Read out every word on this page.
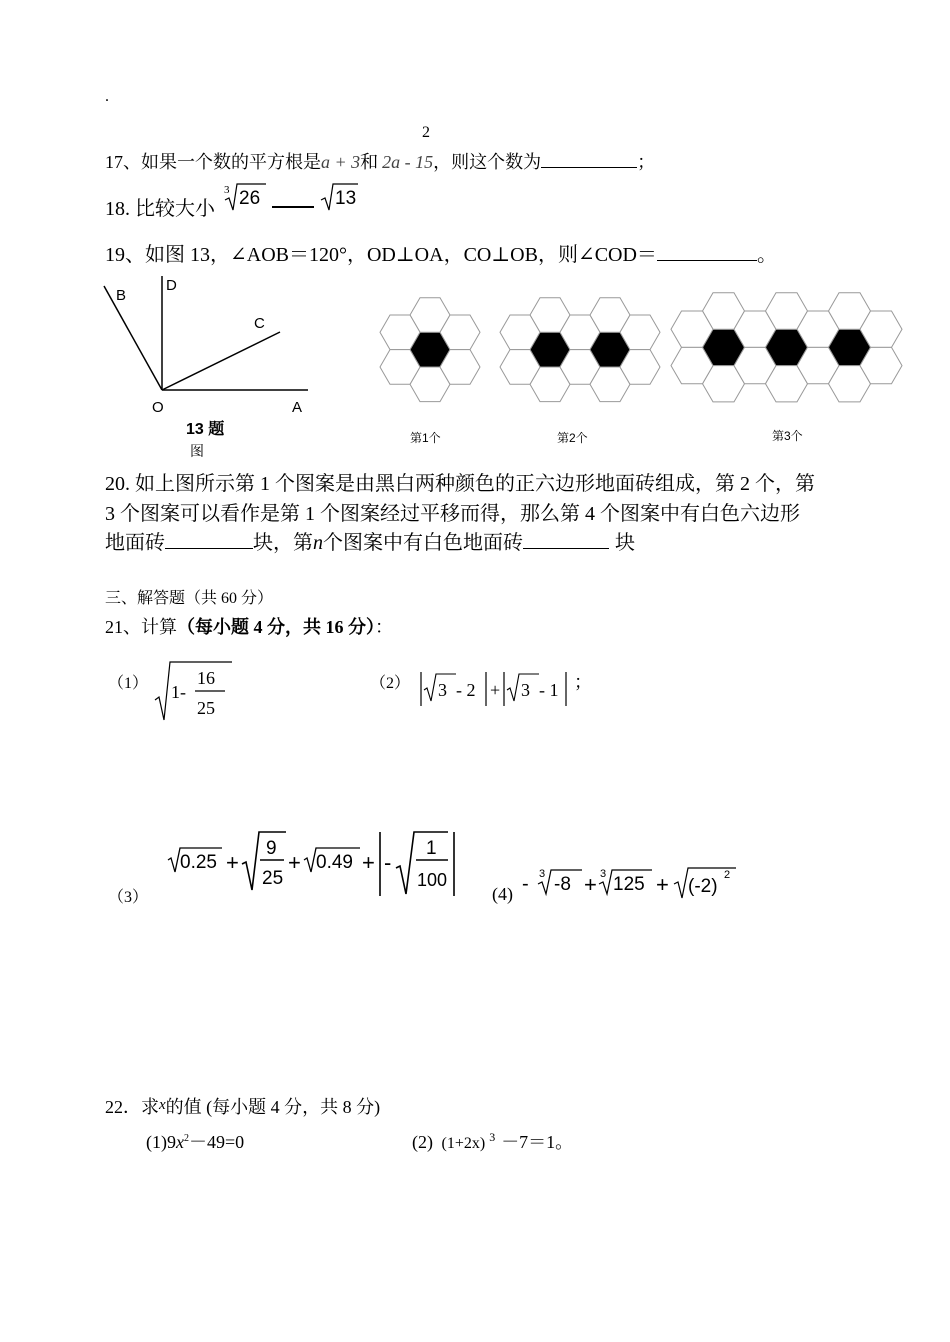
.
2
17、如果一个数的平方根是a + 3和 2a - 15，则这个数为	；
18. 比较大小
3 26	13
19、如图 13，∠AOB＝120°，OD⊥OA，CO⊥OB，则∠COD＝	。
B
D
C
O	A
13 题
图
第1个	第2个	第3个
20. 如上图所示第 1 个图案是由黑白两种颜色的正六边形地面砖组成，第 2 个，第
3 个图案可以看作是第 1 个图案经过平移而得，那么第 4 个图案中有白色六边形
地面砖	块，第n个图案中有白色地面砖	块
三、解答题（共 60 分）
21、计算（每小题 4 分，共 16 分）：
（1） 1-
16
25
（2） 3 - 2 + 3 - 1 ；
（3）
0.25 +
9
25
+ 0.49 + -
1
100
(4) - 3 -8 + 3 125 + (-2)
2
22．求$^x$的值 (每小题 4 分，共 8 分)
$(1)9x^2-49=0$	(2) (1+2x) $^3$ －7＝1。
